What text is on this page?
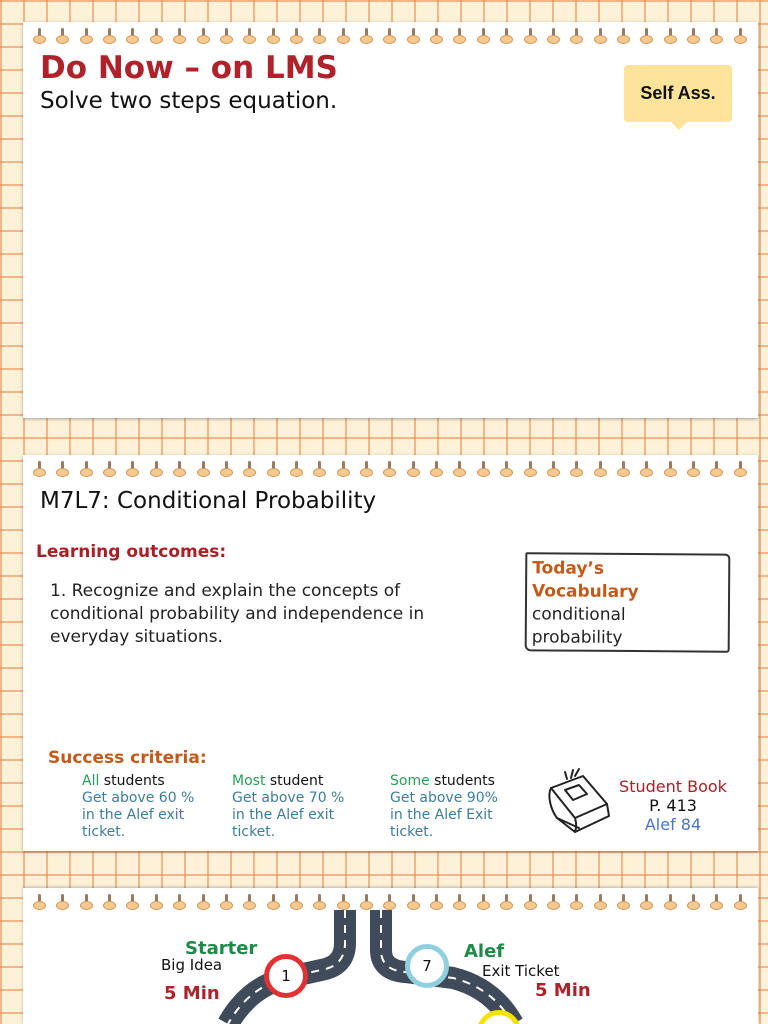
Do Now – on LMS
Solve two steps equation.	Self Ass.
M7L7: Conditional Probability
Learning outcomes:
1. Recognize and explain the concepts of conditional probability and independence in everyday situations.
Today’s
Vocabulary
conditional
probability
Success criteria:
All students
Get above 60 % in the Alef exit ticket.
Most student
Get above 70 % in the Alef exit ticket.
Some students
Get above 90% in the Alef Exit ticket.
Student Book
P. 413
Alef 84
Starter
Big Idea
5 Min
1
Alef
Exit Ticket
5 Min
7
